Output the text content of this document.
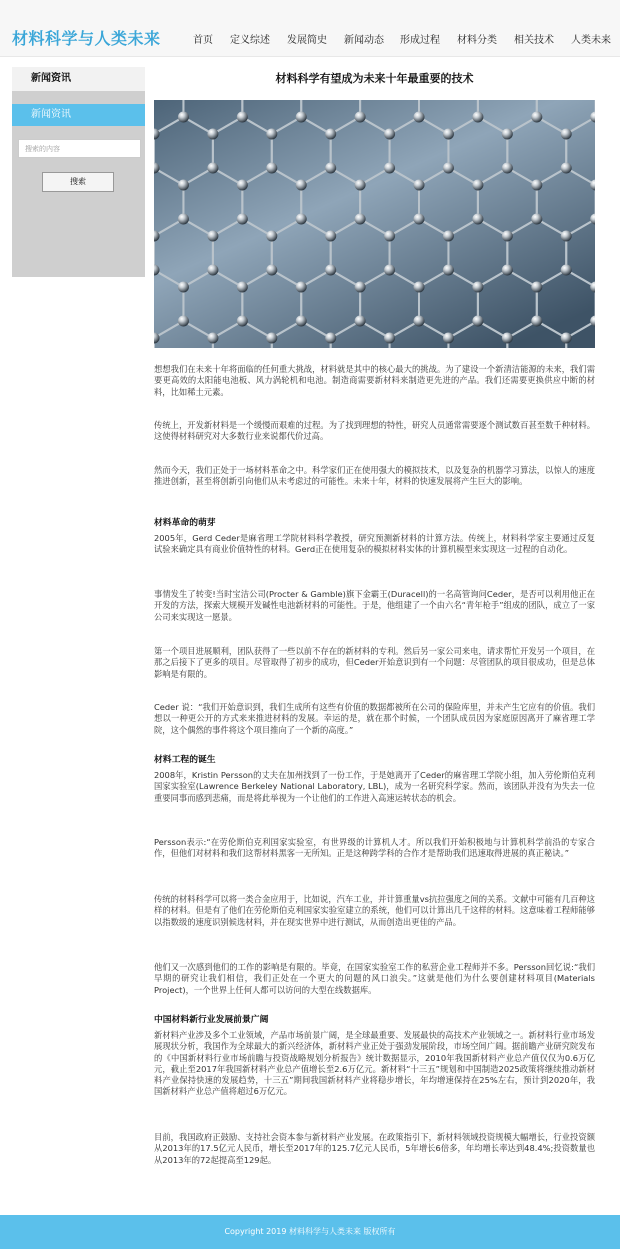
材料科学与人类未来	首页 定义综述 发展简史 新闻动态 形成过程 材料分类 相关技术 人类未来
新闻资讯
新闻资讯
搜索的内容
搜索
材料科学有望成为未来十年最重要的技术
想想我们在未来十年将面临的任何重大挑战，材料就是其中的核心最大的挑战。为了建设一个新清洁能源的未来，我们需要更高效的太阳能电池板、风力涡轮机和电池。制造商需要新材料来制造更先进的产品。我们还需要更换供应中断的材料，比如稀土元素。
传统上，开发新材料是一个缓慢而艰难的过程。为了找到理想的特性，研究人员通常需要逐个测试数百甚至数千种材料。这使得材料研究对大多数行业来说都代价过高。
然而今天，我们正处于一场材料革命之中。科学家们正在使用强大的模拟技术，以及复杂的机器学习算法，以惊人的速度推进创新，甚至将创新引向他们从未考虑过的可能性。未来十年，材料的快速发展将产生巨大的影响。
材料革命的萌芽
2005年，Gerd Ceder是麻省理工学院材料科学教授，研究预测新材料的计算方法。传统上，材料科学家主要通过反复试验来确定具有商业价值特性的材料。Gerd正在使用复杂的模拟材料实体的计算机模型来实现这一过程的自动化。
事情发生了转变!当时宝洁公司(Procter & Gamble)旗下金霸王(Duracell)的一名高管询问Ceder，是否可以利用他正在开发的方法，探索大规模开发碱性电池新材料的可能性。于是，他组建了一个由六名“青年枪手”组成的团队，成立了一家公司来实现这一愿景。
第一个项目进展顺利，团队获得了一些以前不存在的新材料的专利。然后另一家公司来电，请求帮忙开发另一个项目，在那之后接下了更多的项目。尽管取得了初步的成功，但Ceder开始意识到有一个问题：尽管团队的项目很成功，但是总体影响是有限的。
Ceder 说：“我们开始意识到，我们生成所有这些有价值的数据都被所在公司的保险库里，并未产生它应有的价值。我们想以一种更公开的方式来来推进材料的发展。幸运的是，就在那个时候，一个团队成员因为家庭原因离开了麻省理工学院，这个偶然的事件将这个项目推向了一个新的高度。”
材料工程的诞生
2008年，Kristin Persson的丈夫在加州找到了一份工作，于是她离开了Ceder的麻省理工学院小组，加入劳伦斯伯克利国家实验室(Lawrence Berkeley National Laboratory, LBL)，成为一名研究科学家。然而，该团队并没有为失去一位重要同事而感到悲痛，而是将此举视为一个让他们的工作进入高速运转状态的机会。
Persson表示:“在劳伦斯伯克利国家实验室，有世界级的计算机人才。所以我们开始积极地与计算机科学前沿的专家合作，但他们对材料和我们这帮材料黑客一无所知。正是这种跨学科的合作才是帮助我们迅速取得进展的真正秘诀。”
传统的材料科学可以将一类合金应用于，比如说，汽车工业，并计算重量vs抗拉强度之间的关系。文献中可能有几百种这样的材料。但是有了他们在劳伦斯伯克利国家实验室建立的系统，他们可以计算出几千这样的材料。这意味着工程师能够以指数级的速度识别候选材料，并在现实世界中进行测试，从而创造出更佳的产品。
他们又一次感到他们的工作的影响是有限的。毕竟，在国家实验室工作的私营企业工程师并不多。Persson回忆说:“我们早期的研究让我们相信，我们正处在一个更大的问题的风口浪尖。”这就是他们为什么要创建材料项目(Materials Project)，一个世界上任何人都可以访问的大型在线数据库。
中国材料新行业发展前景广阔
新材料产业涉及多个工业领域，产品市场前景广阔，是全球最重要、发展最快的高技术产业领域之一。新材料行业市场发展现状分析，我国作为全球最大的新兴经济体，新材料产业正处于强劲发展阶段，市场空间广阔。据前瞻产业研究院发布的《中国新材料行业市场前瞻与投资战略规划分析报告》统计数据显示，2010年我国新材料产业总产值仅仅为0.6万亿元，截止至2017年我国新材料产业总产值增长至2.6万亿元。新材料“十三五”规划和中国制造2025政策将继续推动新材料产业保持快速的发展趋势，十三五”期间我国新材料产业将稳步增长，年均增速保持在25%左右，预计到2020年，我国新材料产业总产值将超过6万亿元。
目前，我国政府正鼓励、支持社会资本参与新材料产业发展。在政策指引下，新材料领域投资规模大幅增长，行业投资额从2013年的17.5亿元人民币，增长至2017年的125.7亿元人民币，5年增长6倍多，年均增长率达到48.4%;投资数量也从2013年的72起提高至129起。
Copyright 2019 材料科学与人类未来 版权所有
